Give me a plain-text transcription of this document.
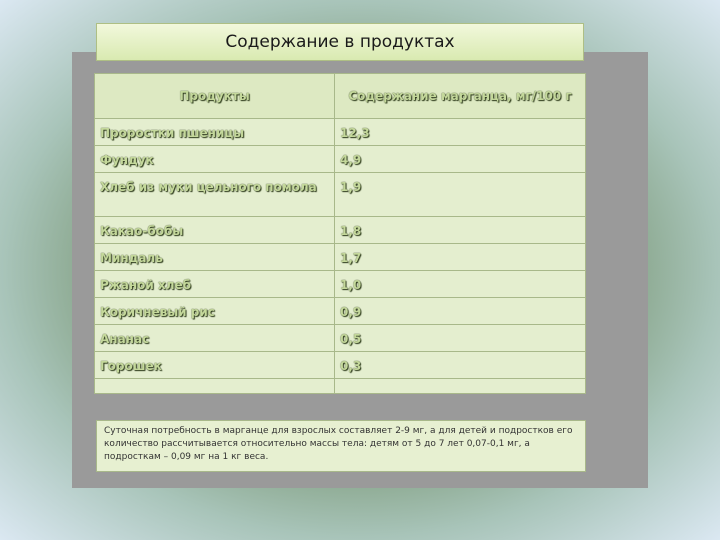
Содержание в продуктах
Продукты	Содержание марганца, мг/100 г
Проростки пшеницы	12,3
Фундук	4,9
Хлеб из муки цельного помола	1,9
Какао-бобы	1,8
Миндаль	1,7
Ржаной хлеб	1,0
Коричневый рис	0,9
Ананас	0,5
Горошек	0,3

Суточная потребность в марганце для взрослых составляет 2-9 мг, а для детей и подростков его количество рассчитывается относительно массы тела: детям от 5 до 7 лет 0,07-0,1 мг, а подросткам – 0,09 мг на 1 кг веса.
